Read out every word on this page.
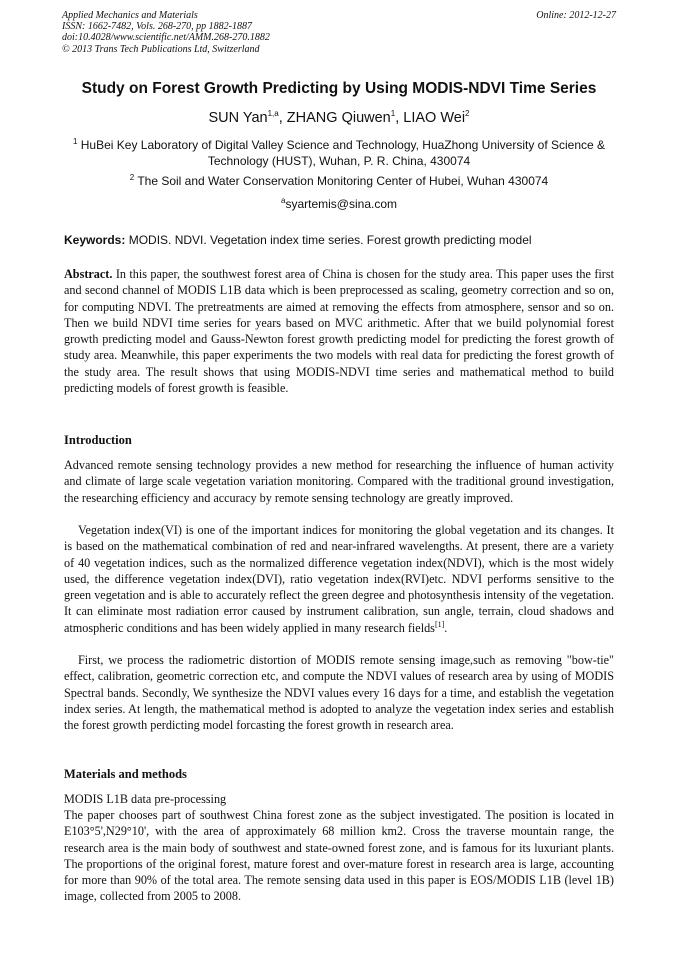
Applied Mechanics and Materials
ISSN: 1662-7482, Vols. 268-270, pp 1882-1887
doi:10.4028/www.scientific.net/AMM.268-270.1882
© 2013 Trans Tech Publications Ltd, Switzerland
Online: 2012-12-27
Study on Forest Growth Predicting by Using MODIS-NDVI Time Series
SUN Yan$^{1,a}$, ZHANG Qiuwen$^1$, LIAO Wei$^2$
$^1$ HuBei Key Laboratory of Digital Valley Science and Technology, HuaZhong University of Science & Technology (HUST), Wuhan, P. R. China, 430074
$^2$ The Soil and Water Conservation Monitoring Center of Hubei, Wuhan 430074
$^a$syartemis@sina.com
Keywords: MODIS. NDVI. Vegetation index time series. Forest growth predicting model

Abstract. In this paper, the southwest forest area of China is chosen for the study area. This paper uses the first and second channel of MODIS L1B data which is been preprocessed as scaling, geometry correction and so on, for computing NDVI. The pretreatments are aimed at removing the effects from atmosphere, sensor and so on. Then we build NDVI time series for years based on MVC arithmetic. After that we build polynomial forest growth predicting model and Gauss-Newton forest growth predicting model for predicting the forest growth of study area. Meanwhile, this paper experiments the two models with real data for predicting the forest growth of the study area. The result shows that using MODIS-NDVI time series and mathematical method to build predicting models of forest growth is feasible.

Introduction

Advanced remote sensing technology provides a new method for researching the influence of human activity and climate of large scale vegetation variation monitoring. Compared with the traditional ground investigation, the researching efficiency and accuracy by remote sensing technology are greatly improved.

Vegetation index(VI) is one of the important indices for monitoring the global vegetation and its changes. It is based on the mathematical combination of red and near-infrared wavelengths. At present, there are a variety of 40 vegetation indices, such as the normalized difference vegetation index(NDVI), which is the most widely used, the difference vegetation index(DVI), ratio vegetation index(RVI)etc. NDVI performs sensitive to the green vegetation and is able to accurately reflect the green degree and photosynthesis intensity of the vegetation. It can eliminate most radiation error caused by instrument calibration, sun angle, terrain, cloud shadows and atmospheric conditions and has been widely applied in many research fields[1].

First, we process the radiometric distortion of MODIS remote sensing image,such as removing "bow-tie" effect, calibration, geometric correction etc, and compute the NDVI values of research area by using of MODIS Spectral bands. Secondly, We synthesize the NDVI values every 16 days for a time, and establish the vegetation index series. At length, the mathematical method is adopted to analyze the vegetation index series and establish the forest growth perdicting model forcasting the forest growth in research area.

Materials and methods
MODIS L1B data pre-processing

The paper chooses part of southwest China forest zone as the subject investigated. The position is located in E103°5',N29°10', with the area of approximately 68 million km2. Cross the traverse mountain range, the research area is the main body of southwest and state-owned forest zone, and is famous for its luxuriant plants. The proportions of the original forest, mature forest and over-mature forest in research area is large, accounting for more than 90% of the total area. The remote sensing data used in this paper is EOS/MODIS L1B (level 1B) image, collected from 2005 to 2008.
